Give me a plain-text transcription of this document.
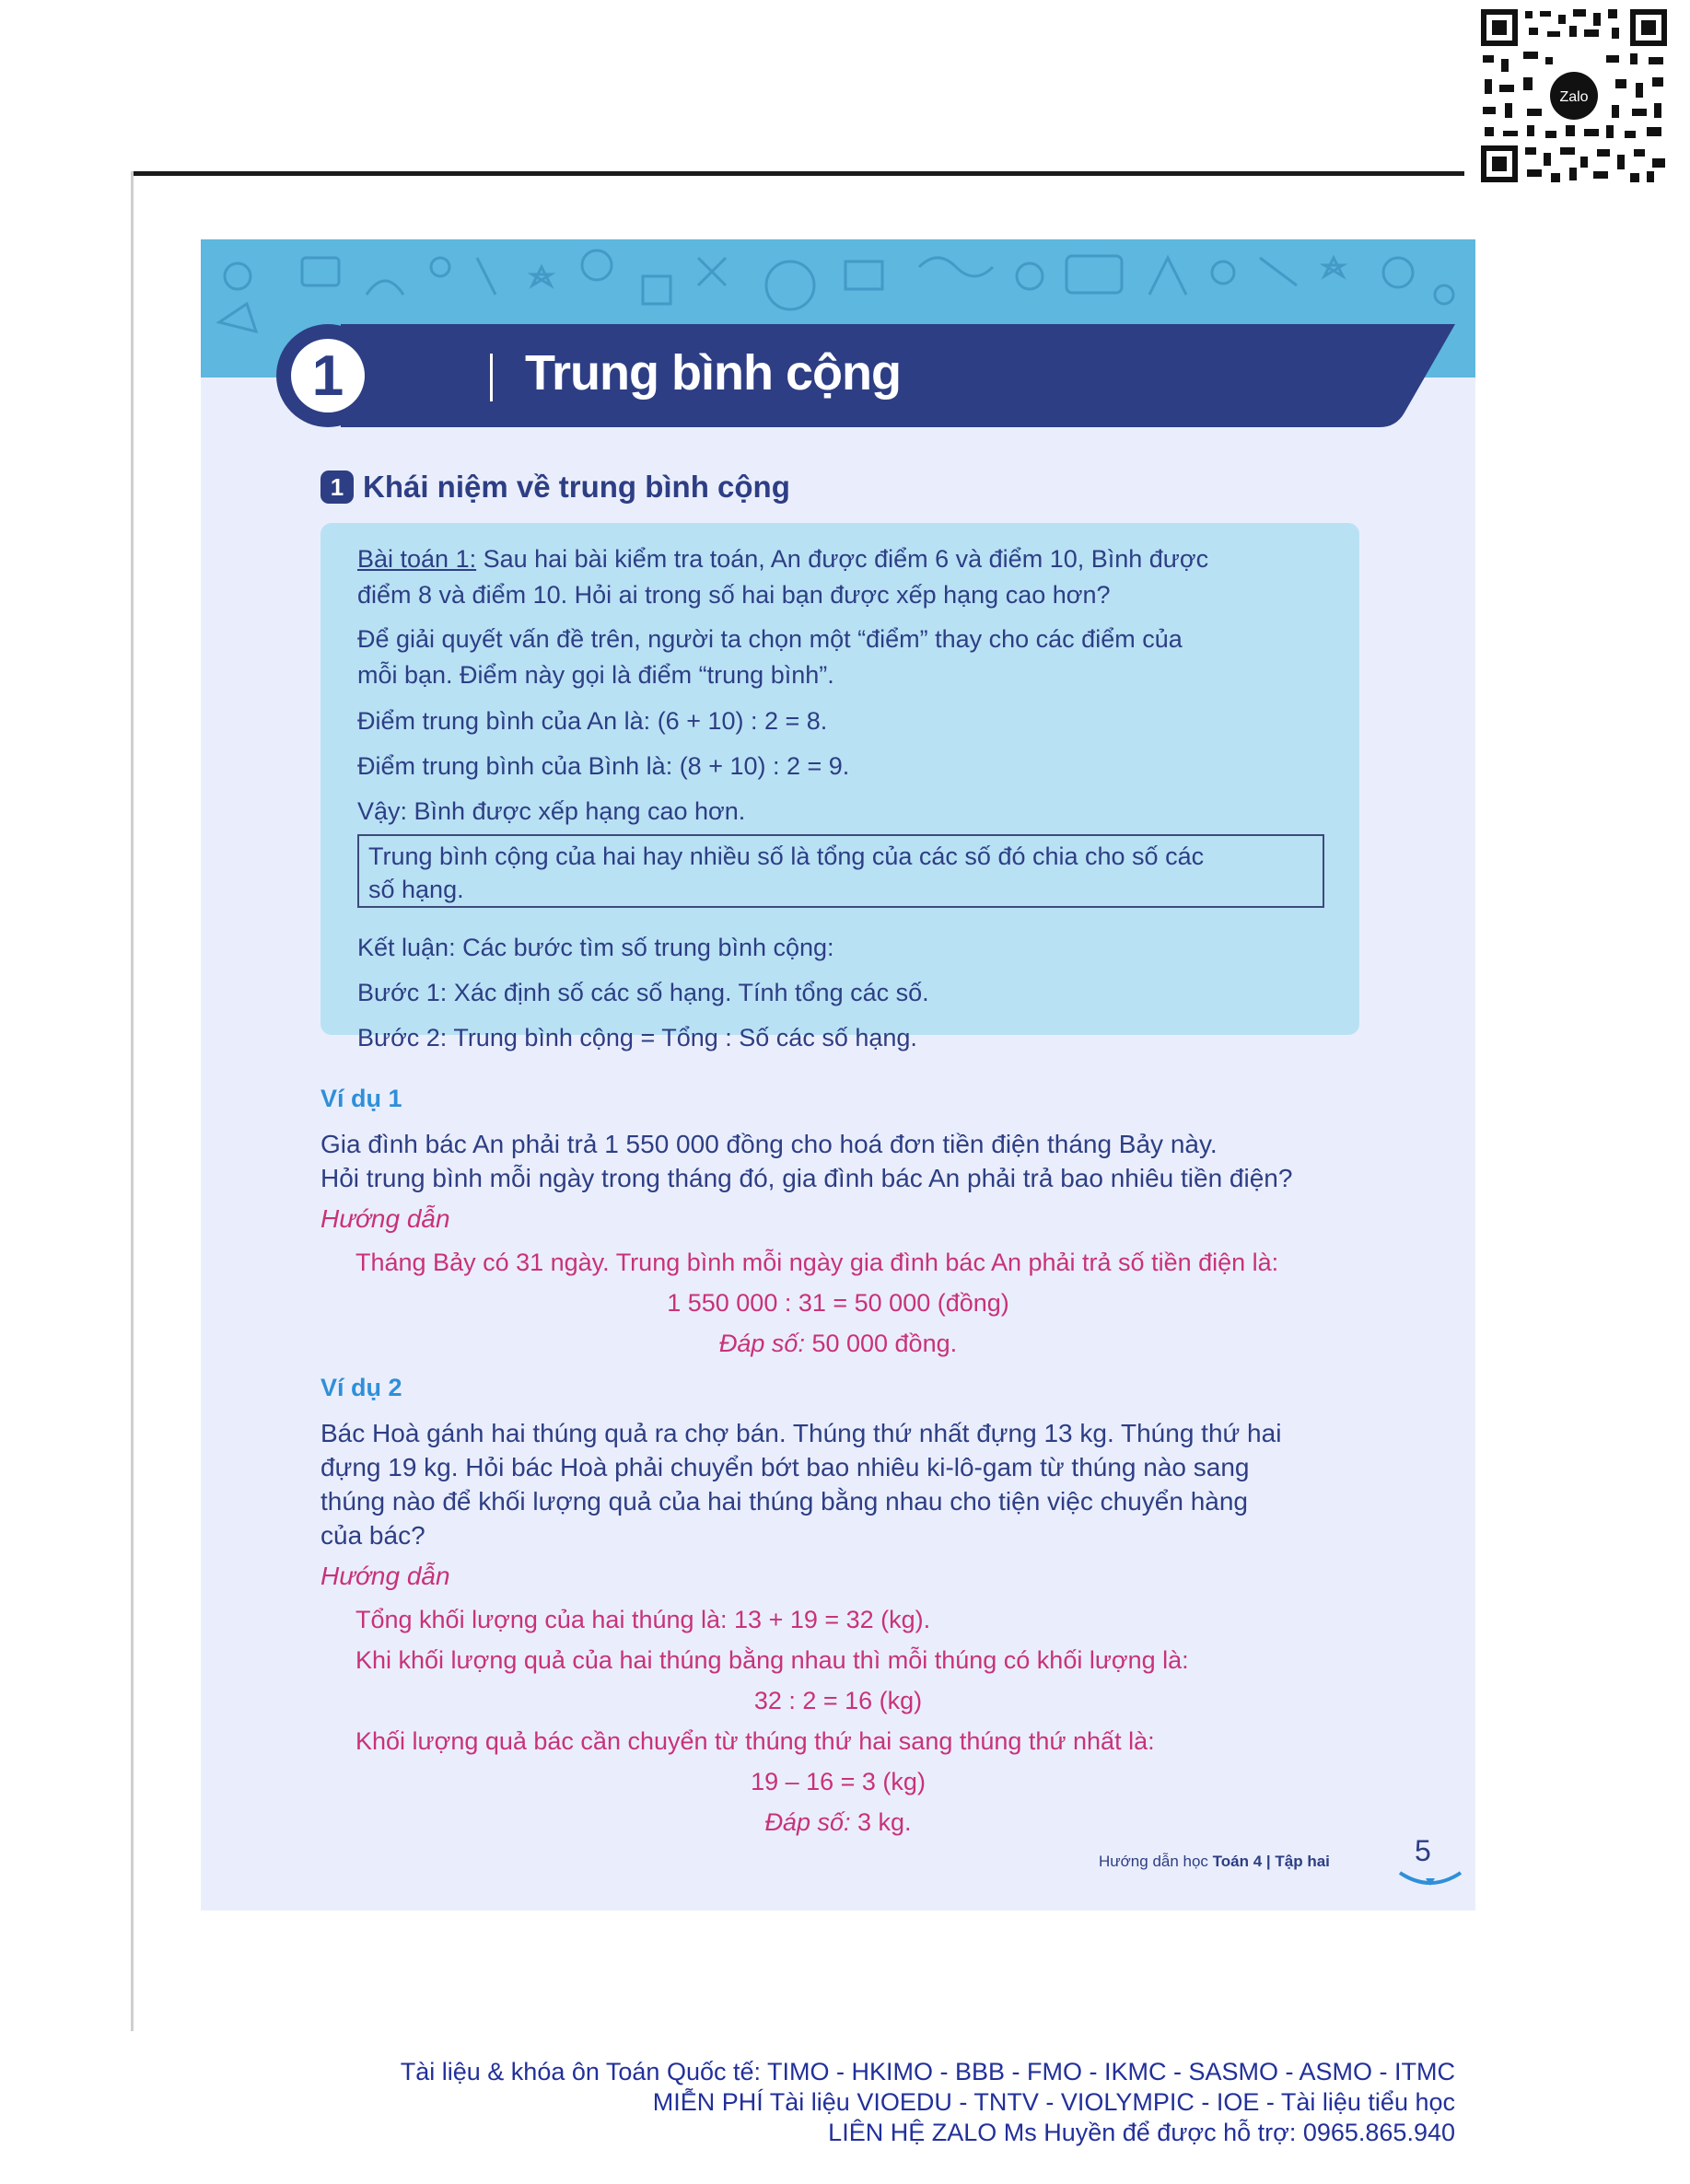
Zalo
1	Trung bình cộng
1 Khái niệm về trung bình cộng
Bài toán 1: Sau hai bài kiểm tra toán, An được điểm 6 và điểm 10, Bình được
điểm 8 và điểm 10. Hỏi ai trong số hai bạn được xếp hạng cao hơn?
Để giải quyết vấn đề trên, người ta chọn một “điểm” thay cho các điểm của
mỗi bạn. Điểm này gọi là điểm “trung bình”.
Điểm trung bình của An là: (6 + 10) : 2 = 8.
Điểm trung bình của Bình là: (8 + 10) : 2 = 9.
Vậy: Bình được xếp hạng cao hơn.
Trung bình cộng của hai hay nhiều số là tổng của các số đó chia cho số các
số hạng.
Kết luận: Các bước tìm số trung bình cộng:
Bước 1: Xác định số các số hạng. Tính tổng các số.
Bước 2: Trung bình cộng = Tổng : Số các số hạng.
Ví dụ 1
Gia đình bác An phải trả 1 550 000 đồng cho hoá đơn tiền điện tháng Bảy này.
Hỏi trung bình mỗi ngày trong tháng đó, gia đình bác An phải trả bao nhiêu tiền điện?
Hướng dẫn
Tháng Bảy có 31 ngày. Trung bình mỗi ngày gia đình bác An phải trả số tiền điện là:
1 550 000 : 31 = 50 000 (đồng)
Đáp số: 50 000 đồng.
Ví dụ 2
Bác Hoà gánh hai thúng quả ra chợ bán. Thúng thứ nhất đựng 13 kg. Thúng thứ hai
đựng 19 kg. Hỏi bác Hoà phải chuyển bớt bao nhiêu ki-lô-gam từ thúng nào sang
thúng nào để khối lượng quả của hai thúng bằng nhau cho tiện việc chuyển hàng
của bác?
Hướng dẫn
Tổng khối lượng của hai thúng là: 13 + 19 = 32 (kg).
Khi khối lượng quả của hai thúng bằng nhau thì mỗi thúng có khối lượng là:
32 : 2 = 16 (kg)
Khối lượng quả bác cần chuyển từ thúng thứ hai sang thúng thứ nhất là:
19 – 16 = 3 (kg)
Đáp số: 3 kg.
Hướng dẫn học Toán 4 | Tập hai	5
Tài liệu & khóa ôn Toán Quốc tế: TIMO - HKIMO - BBB - FMO - IKMC - SASMO - ASMO - ITMC
MIỄN PHÍ Tài liệu VIOEDU - TNTV - VIOLYMPIC - IOE - Tài liệu tiểu học
LIÊN HỆ ZALO Ms Huyền để được hỗ trợ: 0965.865.940
